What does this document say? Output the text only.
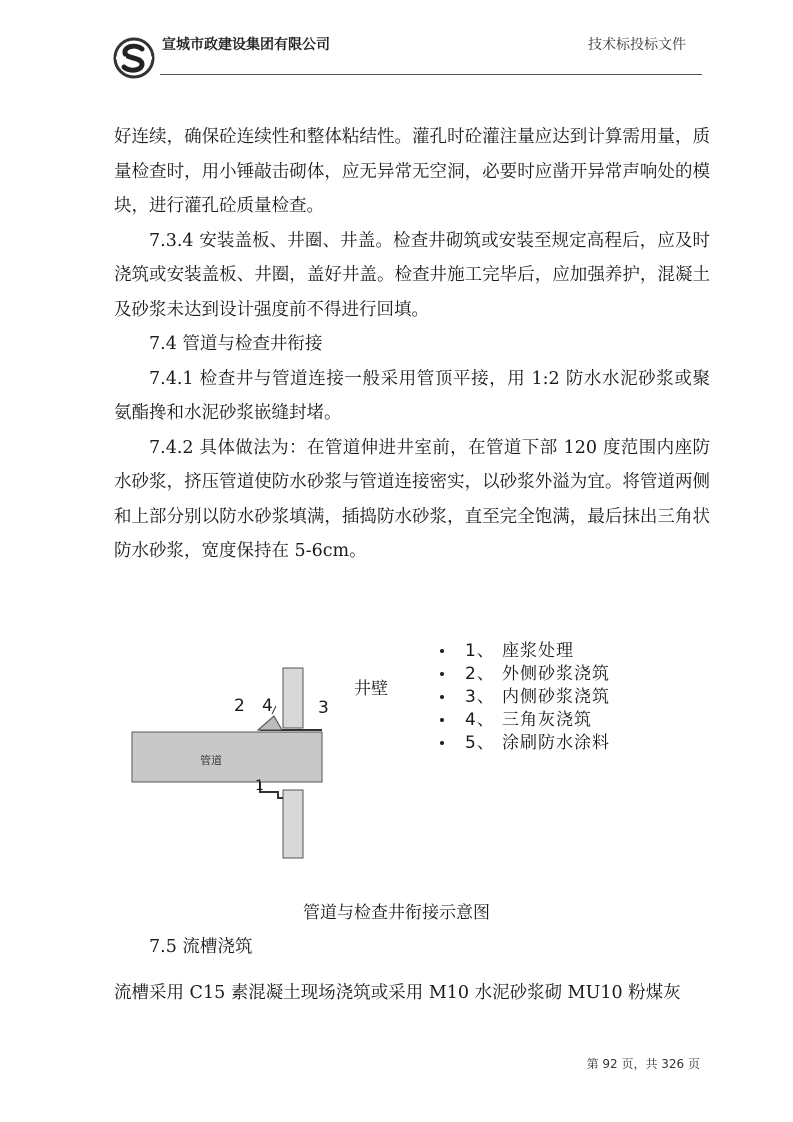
宣城市政建设集团有限公司	技术标投标文件

好连续，确保砼连续性和整体粘结性。灌孔时砼灌注量应达到计算需用量，质量检查时，用小锤敲击砌体，应无异常无空洞，必要时应凿开异常声响处的模块，进行灌孔砼质量检查。

7.3.4 安装盖板、井圈、井盖。检查井砌筑或安装至规定高程后，应及时浇筑或安装盖板、井圈，盖好井盖。检查井施工完毕后，应加强养护，混凝土及砂浆未达到设计强度前不得进行回填。

7.4 管道与检查井衔接

7.4.1 检查井与管道连接一般采用管顶平接，用 1:2 防水水泥砂浆或聚氨酯搀和水泥砂浆嵌缝封堵。

7.4.2 具体做法为：在管道伸进井室前，在管道下部 120 度范围内座防水砂浆，挤压管道使防水砂浆与管道连接密实，以砂浆外溢为宜。将管道两侧和上部分别以防水砂浆填满，插捣防水砂浆，直至完全饱满，最后抹出三角状防水砂浆，宽度保持在 5-6cm。

2 4	3
1
管道
井壁
1、 座浆处理
2、 外侧砂浆浇筑
3、 内侧砂浆浇筑
4、 三角灰浇筑
5、 涂刷防水涂料
管道与检查井衔接示意图
7.5 流槽浇筑
流槽采用 C15 素混凝土现场浇筑或采用 M10 水泥砂浆砌 MU10 粉煤灰
第 92 页，共 326 页
